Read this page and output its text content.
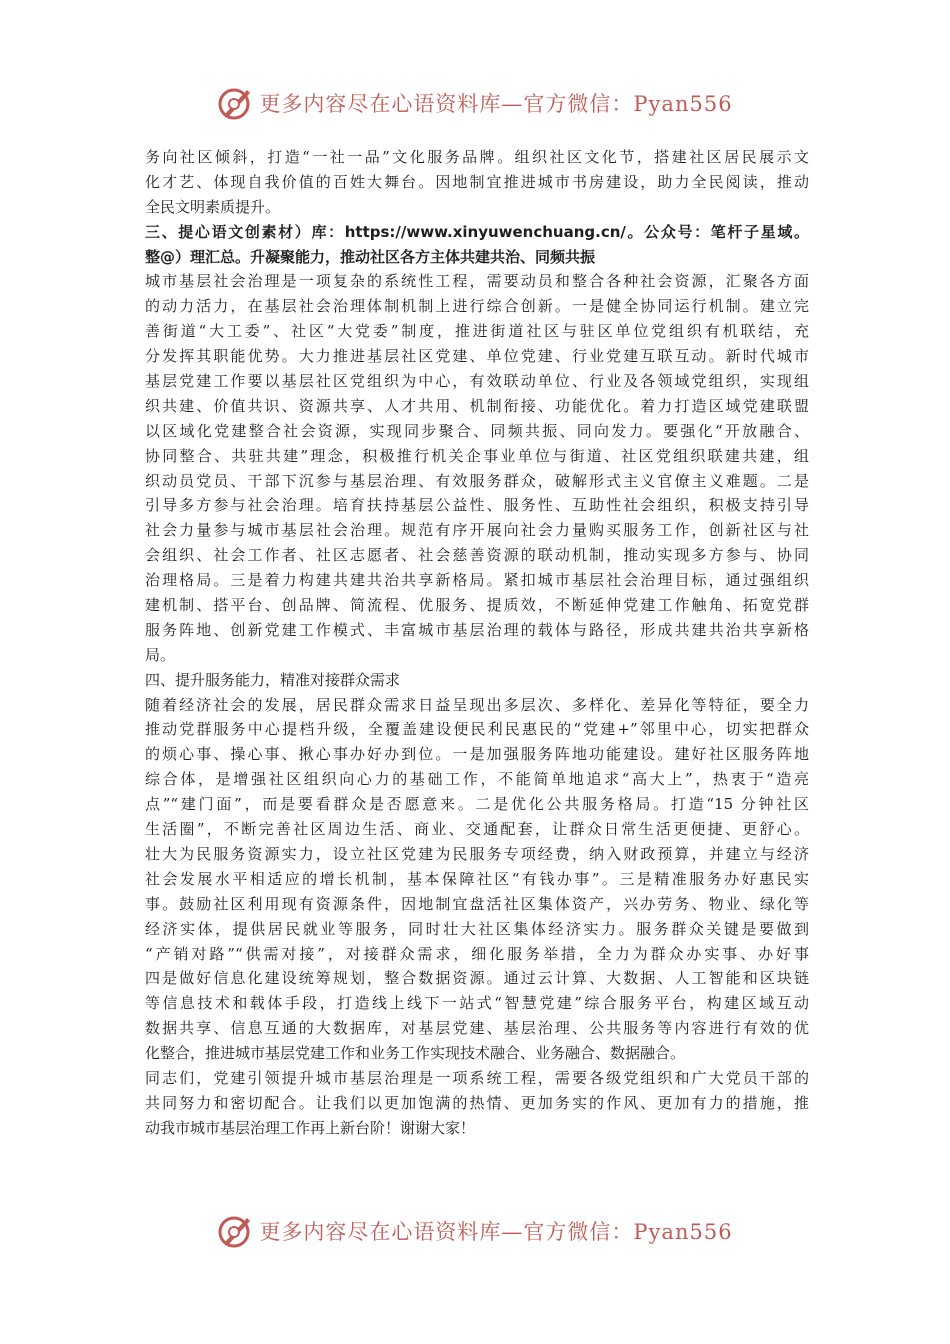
更多内容尽在心语资料库—官方微信：Pyan556

务向社区倾斜，打造“一社一品”文化服务品牌。组织社区文化节，搭建社区居民展示文

化才艺、体现自我价值的百姓大舞台。因地制宜推进城市书房建设，助力全民阅读，推动

全民文明素质提升。

三、提心语文创素材）库：https://www.xinyuwenchuang.cn/。公众号：笔杆子星域。

整@）理汇总。升凝聚能力，推动社区各方主体共建共治、同频共振

城市基层社会治理是一项复杂的系统性工程，需要动员和整合各种社会资源，汇聚各方面

的动力活力，在基层社会治理体制机制上进行综合创新。一是健全协同运行机制。建立完

善街道“大工委”、社区“大党委”制度，推进街道社区与驻区单位党组织有机联结，充

分发挥其职能优势。大力推进基层社区党建、单位党建、行业党建互联互动。新时代城市

基层党建工作要以基层社区党组织为中心，有效联动单位、行业及各领域党组织，实现组

织共建、价值共识、资源共享、人才共用、机制衔接、功能优化。着力打造区域党建联盟

以区域化党建整合社会资源，实现同步聚合、同频共振、同向发力。要强化“开放融合、

协同整合、共驻共建”理念，积极推行机关企事业单位与街道、社区党组织联建共建，组

织动员党员、干部下沉参与基层治理、有效服务群众，破解形式主义官僚主义难题。二是

引导多方参与社会治理。培育扶持基层公益性、服务性、互助性社会组织，积极支持引导

社会力量参与城市基层社会治理。规范有序开展向社会力量购买服务工作，创新社区与社

会组织、社会工作者、社区志愿者、社会慈善资源的联动机制，推动实现多方参与、协同

治理格局。三是着力构建共建共治共享新格局。紧扣城市基层社会治理目标，通过强组织

建机制、搭平台、创品牌、简流程、优服务、提质效，不断延伸党建工作触角、拓宽党群

服务阵地、创新党建工作模式、丰富城市基层治理的载体与路径，形成共建共治共享新格

局。

四、提升服务能力，精准对接群众需求

随着经济社会的发展，居民群众需求日益呈现出多层次、多样化、差异化等特征，要全力

推动党群服务中心提档升级，全覆盖建设便民利民惠民的“党建+”邻里中心，切实把群众

的烦心事、操心事、揪心事办好办到位。一是加强服务阵地功能建设。建好社区服务阵地

综合体，是增强社区组织向心力的基础工作，不能简单地追求“高大上”，热衷于“造亮

点”“建门面”，而是要看群众是否愿意来。二是优化公共服务格局。打造“15 分钟社区

生活圈”，不断完善社区周边生活、商业、交通配套，让群众日常生活更便捷、更舒心。

壮大为民服务资源实力，设立社区党建为民服务专项经费，纳入财政预算，并建立与经济

社会发展水平相适应的增长机制，基本保障社区“有钱办事”。三是精准服务办好惠民实

事。鼓励社区利用现有资源条件，因地制宜盘活社区集体资产，兴办劳务、物业、绿化等

经济实体，提供居民就业等服务，同时壮大社区集体经济实力。服务群众关键是要做到

“产销对路”“供需对接”，对接群众需求，细化服务举措，全力为群众办实事、办好事

四是做好信息化建设统筹规划，整合数据资源。通过云计算、大数据、人工智能和区块链

等信息技术和载体手段，打造线上线下一站式“智慧党建”综合服务平台，构建区域互动

数据共享、信息互通的大数据库，对基层党建、基层治理、公共服务等内容进行有效的优

化整合，推进城市基层党建工作和业务工作实现技术融合、业务融合、数据融合。

同志们，党建引领提升城市基层治理是一项系统工程，需要各级党组织和广大党员干部的

共同努力和密切配合。让我们以更加饱满的热情、更加务实的作风、更加有力的措施，推

动我市城市基层治理工作再上新台阶！谢谢大家！

更多内容尽在心语资料库—官方微信：Pyan556
